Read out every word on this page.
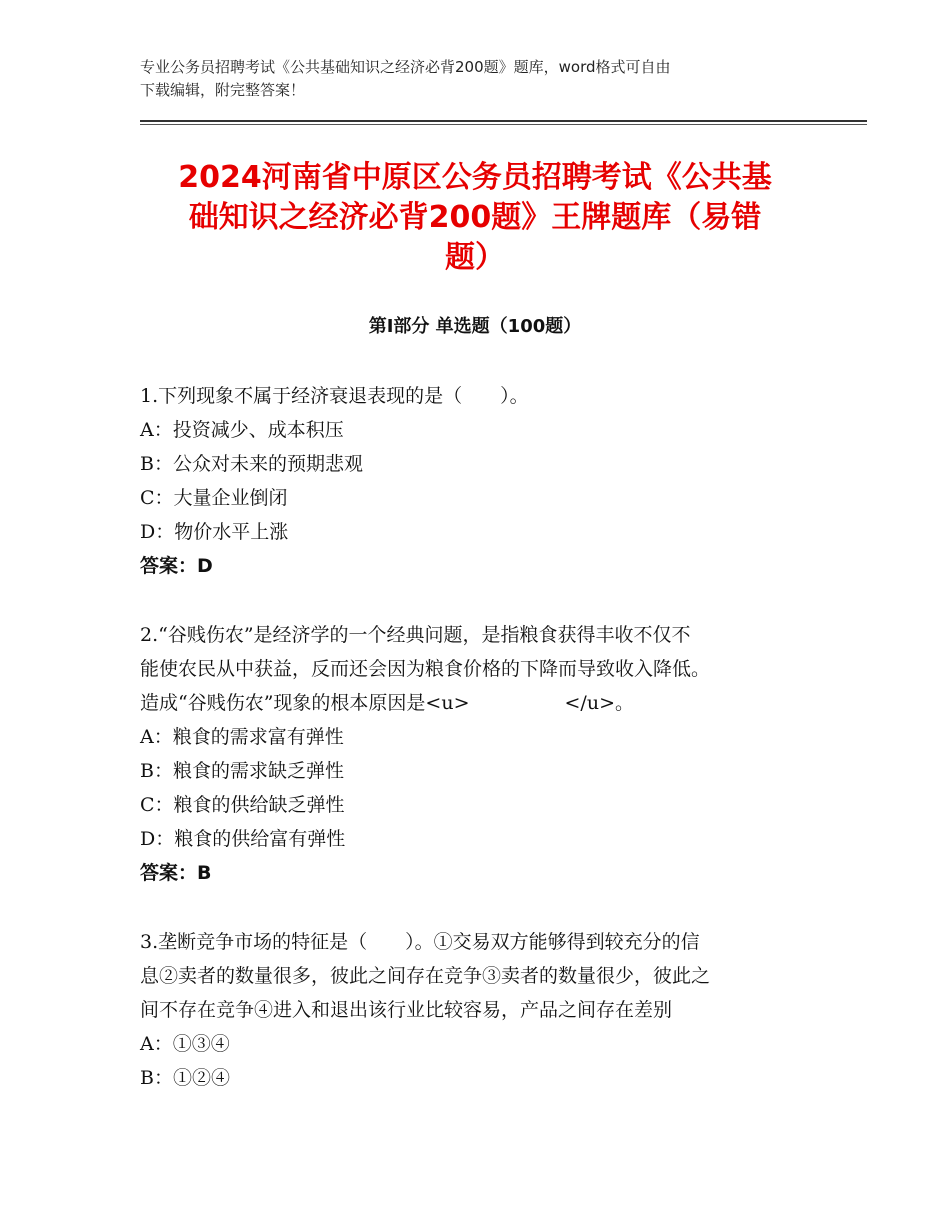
专业公务员招聘考试《公共基础知识之经济必背200题》题库，word格式可自由
下载编辑，附完整答案！
2024河南省中原区公务员招聘考试《公共基
础知识之经济必背200题》王牌题库（易错
题）
第Ⅰ部分 单选题（100题）
1.下列现象不属于经济衰退表现的是（　　）。
A：投资减少、成本积压
B：公众对未来的预期悲观
C：大量企业倒闭
D：物价水平上涨
答案：D
2.“谷贱伤农”是经济学的一个经典问题，是指粮食获得丰收不仅不
能使农民从中获益，反而还会因为粮食价格的下降而导致收入降低。
造成“谷贱伤农”现象的根本原因是<u>　　　　　</u>。
A：粮食的需求富有弹性
B：粮食的需求缺乏弹性
C：粮食的供给缺乏弹性
D：粮食的供给富有弹性
答案：B
3.垄断竞争市场的特征是（　　）。①交易双方能够得到较充分的信
息②卖者的数量很多，彼此之间存在竞争③卖者的数量很少，彼此之
间不存在竞争④进入和退出该行业比较容易，产品之间存在差别
A：①③④
B：①②④
